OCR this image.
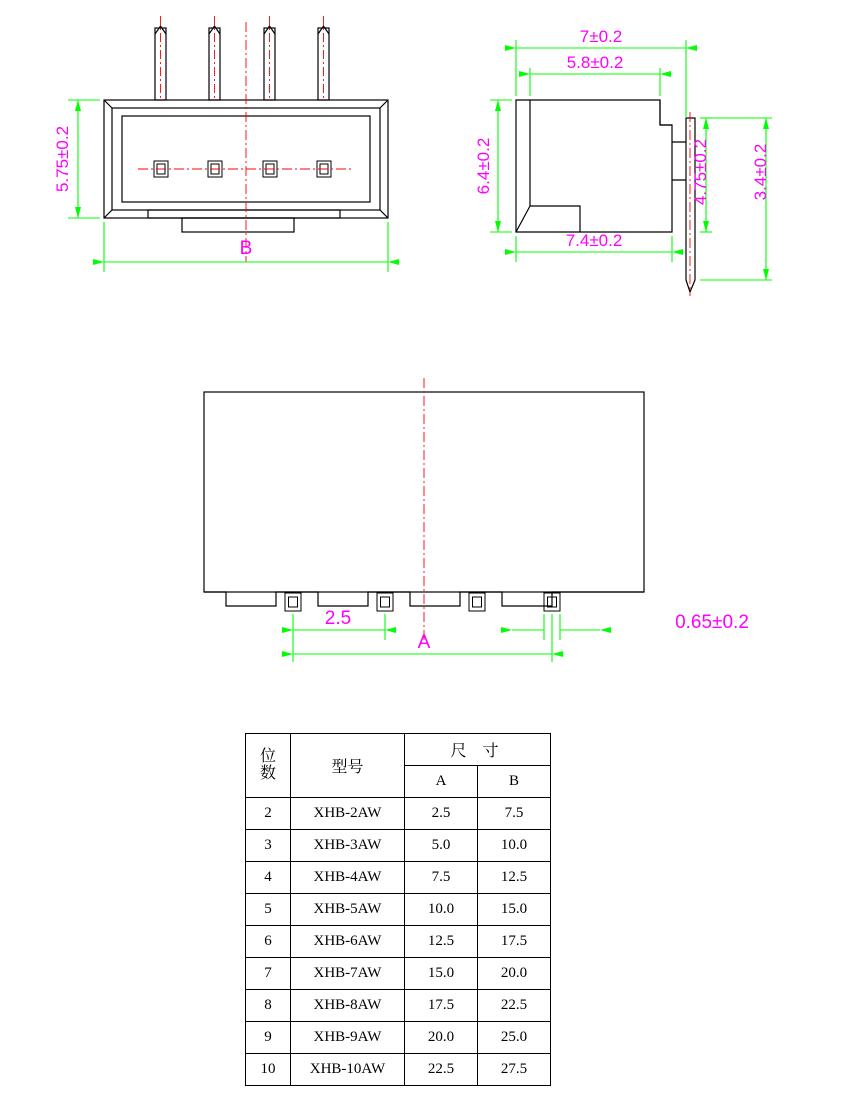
5.75±0.2
B
7±0.2
5.8±0.2
6.4±0.2
7.4±0.2
4.75±0.2 3.4±0.2
2.5
A
0.65±0.2
位
数	型号	尺 寸	
		A	B
2	XHB-2AW	2.5	7.5
3	XHB-3AW	5.0	10.0
4	XHB-4AW	7.5	12.5
5	XHB-5AW	10.0	15.0
6	XHB-6AW	12.5	17.5
7	XHB-7AW	15.0	20.0
8	XHB-8AW	17.5	22.5
9	XHB-9AW	20.0	25.0
10	XHB-10AW	22.5	27.5
